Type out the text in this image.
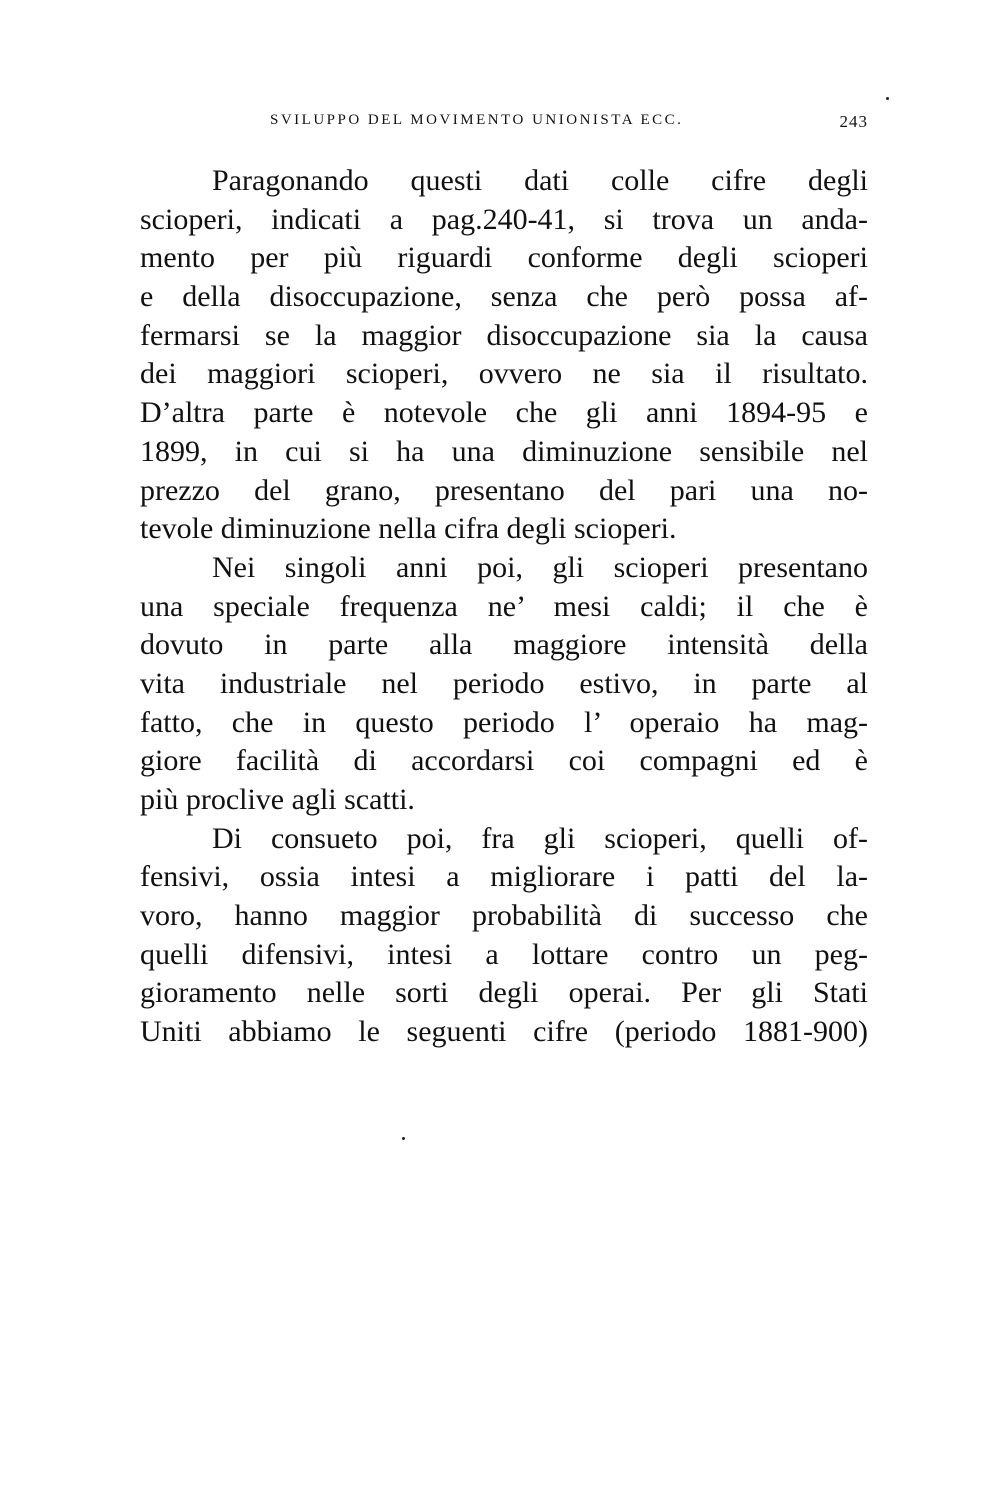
SVILUPPO DEL MOVIMENTO UNIONISTA ECC.	243
Paragonando questi dati colle cifre degli
scioperi, indicati a pag.240-41, si trova un anda-
mento per più riguardi conforme degli scioperi
e della disoccupazione, senza che però possa af-
fermarsi se la maggior disoccupazione sia la causa
dei maggiori scioperi, ovvero ne sia il risultato.
D’altra parte è notevole che gli anni 1894-95 e
1899, in cui si ha una diminuzione sensibile nel
prezzo del grano, presentano del pari una no-
tevole diminuzione nella cifra degli scioperi.
Nei singoli anni poi, gli scioperi presentano
una speciale frequenza ne’ mesi caldi; il che è
dovuto in parte alla maggiore intensità della
vita industriale nel periodo estivo, in parte al
fatto, che in questo periodo l’ operaio ha mag-
giore facilità di accordarsi coi compagni ed è
più proclive agli scatti.
Di consueto poi, fra gli scioperi, quelli of-
fensivi, ossia intesi a migliorare i patti del la-
voro, hanno maggior probabilità di successo che
quelli difensivi, intesi a lottare contro un peg-
gioramento nelle sorti degli operai. Per gli Stati
Uniti abbiamo le seguenti cifre (periodo 1881-900)
